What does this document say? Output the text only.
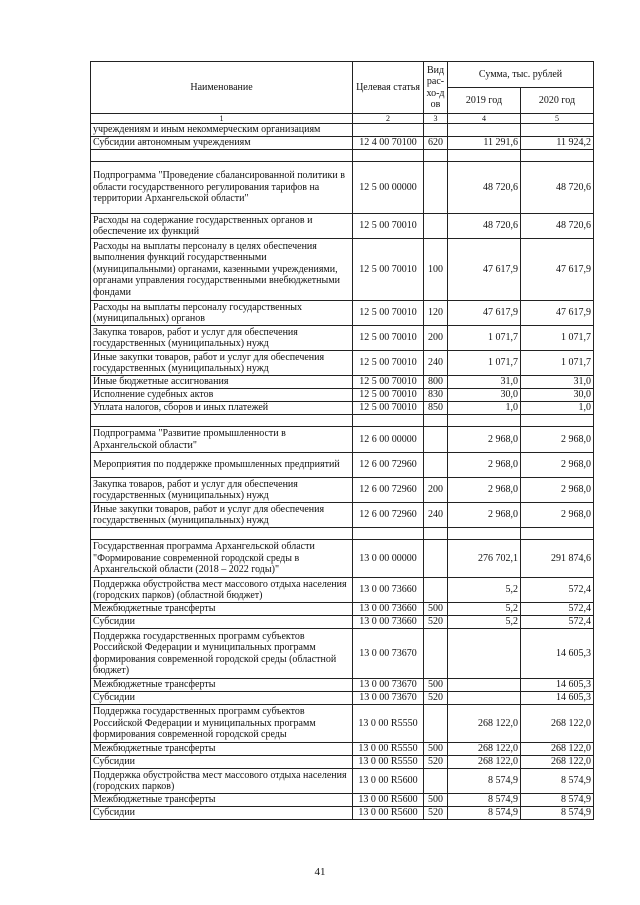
Наименование	Целевая статья	Вид рас-хо-дов	Сумма, тыс. рублей	
			2019 год	2020 год
1	2	3	4	5
учреждениям и иным некоммерческим организациям				
Субсидии автономным учреждениям	12 4 00 70100	620	11 291,6	11 924,2

Подпрограмма "Проведение сбалансированной политики в области государственного регулирования тарифов на территории Архангельской области"	12 5 00 00000		48 720,6	48 720,6
Расходы на содержание государственных органов и обеспечение их функций	12 5 00 70010		48 720,6	48 720,6
Расходы на выплаты персоналу в целях обеспечения выполнения функций государственными (муниципальными) органами, казенными учреждениями, органами управления государственными внебюджетными фондами	12 5 00 70010	100	47 617,9	47 617,9
Расходы на выплаты персоналу государственных (муниципальных) органов	12 5 00 70010	120	47 617,9	47 617,9
Закупка товаров, работ и услуг для обеспечения государственных (муниципальных) нужд	12 5 00 70010	200	1 071,7	1 071,7
Иные закупки товаров, работ и услуг для обеспечения государственных (муниципальных) нужд	12 5 00 70010	240	1 071,7	1 071,7
Иные бюджетные ассигнования	12 5 00 70010	800	31,0	31,0
Исполнение судебных актов	12 5 00 70010	830	30,0	30,0
Уплата налогов, сборов и иных платежей	12 5 00 70010	850	1,0	1,0

Подпрограмма "Развитие промышленности в Архангельской области"	12 6 00 00000		2 968,0	2 968,0
Мероприятия по поддержке промышленных предприятий	12 6 00 72960		2 968,0	2 968,0
Закупка товаров, работ и услуг для обеспечения государственных (муниципальных) нужд	12 6 00 72960	200	2 968,0	2 968,0
Иные закупки товаров, работ и услуг для обеспечения государственных (муниципальных) нужд	12 6 00 72960	240	2 968,0	2 968,0

Государственная программа Архангельской области "Формирование современной городской среды в Архангельской области (2018 – 2022 годы)"	13 0 00 00000		276 702,1	291 874,6
Поддержка обустройства мест массового отдыха населения (городских парков) (областной бюджет)	13 0 00 73660		5,2	572,4
Межбюджетные трансферты	13 0 00 73660	500	5,2	572,4
Субсидии	13 0 00 73660	520	5,2	572,4
Поддержка государственных программ субъектов Российской Федерации и муниципальных программ формирования современной городской среды (областной бюджет)	13 0 00 73670			14 605,3
Межбюджетные трансферты	13 0 00 73670	500		14 605,3
Субсидии	13 0 00 73670	520		14 605,3
Поддержка государственных программ субъектов Российской Федерации и муниципальных программ формирования современной городской среды	13 0 00 R5550		268 122,0	268 122,0
Межбюджетные трансферты	13 0 00 R5550	500	268 122,0	268 122,0
Субсидии	13 0 00 R5550	520	268 122,0	268 122,0
Поддержка обустройства мест массового отдыха населения (городских парков)	13 0 00 R5600		8 574,9	8 574,9
Межбюджетные трансферты	13 0 00 R5600	500	8 574,9	8 574,9
Субсидии	13 0 00 R5600	520	8 574,9	8 574,9
41
